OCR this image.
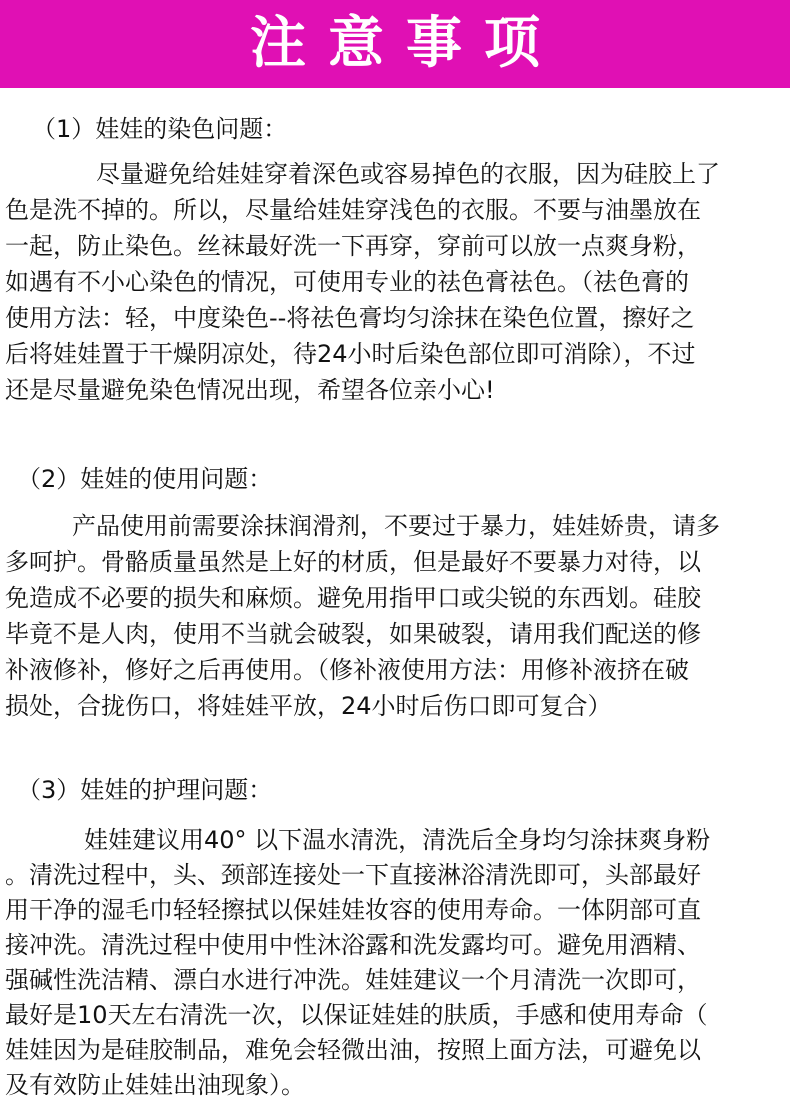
注意事项
（1）娃娃的染色问题：
尽量避免给娃娃穿着深色或容易掉色的衣服，因为硅胶上了
色是洗不掉的。所以，尽量给娃娃穿浅色的衣服。不要与油墨放在
一起，防止染色。丝袜最好洗一下再穿，穿前可以放一点爽身粉，
如遇有不小心染色的情况，可使用专业的祛色膏祛色。（祛色膏的
使用方法：轻，中度染色--将祛色膏均匀涂抹在染色位置，擦好之
后将娃娃置于干燥阴凉处，待24小时后染色部位即可消除），不过
还是尽量避免染色情况出现，希望各位亲小心!
（2）娃娃的使用问题：
产品使用前需要涂抹润滑剂，不要过于暴力，娃娃娇贵，请多
多呵护。骨骼质量虽然是上好的材质，但是最好不要暴力对待，以
免造成不必要的损失和麻烦。避免用指甲口或尖锐的东西划。硅胶
毕竟不是人肉，使用不当就会破裂，如果破裂，请用我们配送的修
补液修补，修好之后再使用。（修补液使用方法：用修补液挤在破
损处，合拢伤口，将娃娃平放，24小时后伤口即可复合）
（3）娃娃的护理问题：
娃娃建议用40° 以下温水清洗，清洗后全身均匀涂抹爽身粉
。清洗过程中，头、颈部连接处一下直接淋浴清洗即可，头部最好
用干净的湿毛巾轻轻擦拭以保娃娃妆容的使用寿命。一体阴部可直
接冲洗。清洗过程中使用中性沐浴露和洗发露均可。避免用酒精、
强碱性洗洁精、漂白水进行冲洗。娃娃建议一个月清洗一次即可，
最好是10天左右清洗一次，以保证娃娃的肤质，手感和使用寿命（
娃娃因为是硅胶制品，难免会轻微出油，按照上面方法，可避免以
及有效防止娃娃出油现象）。
